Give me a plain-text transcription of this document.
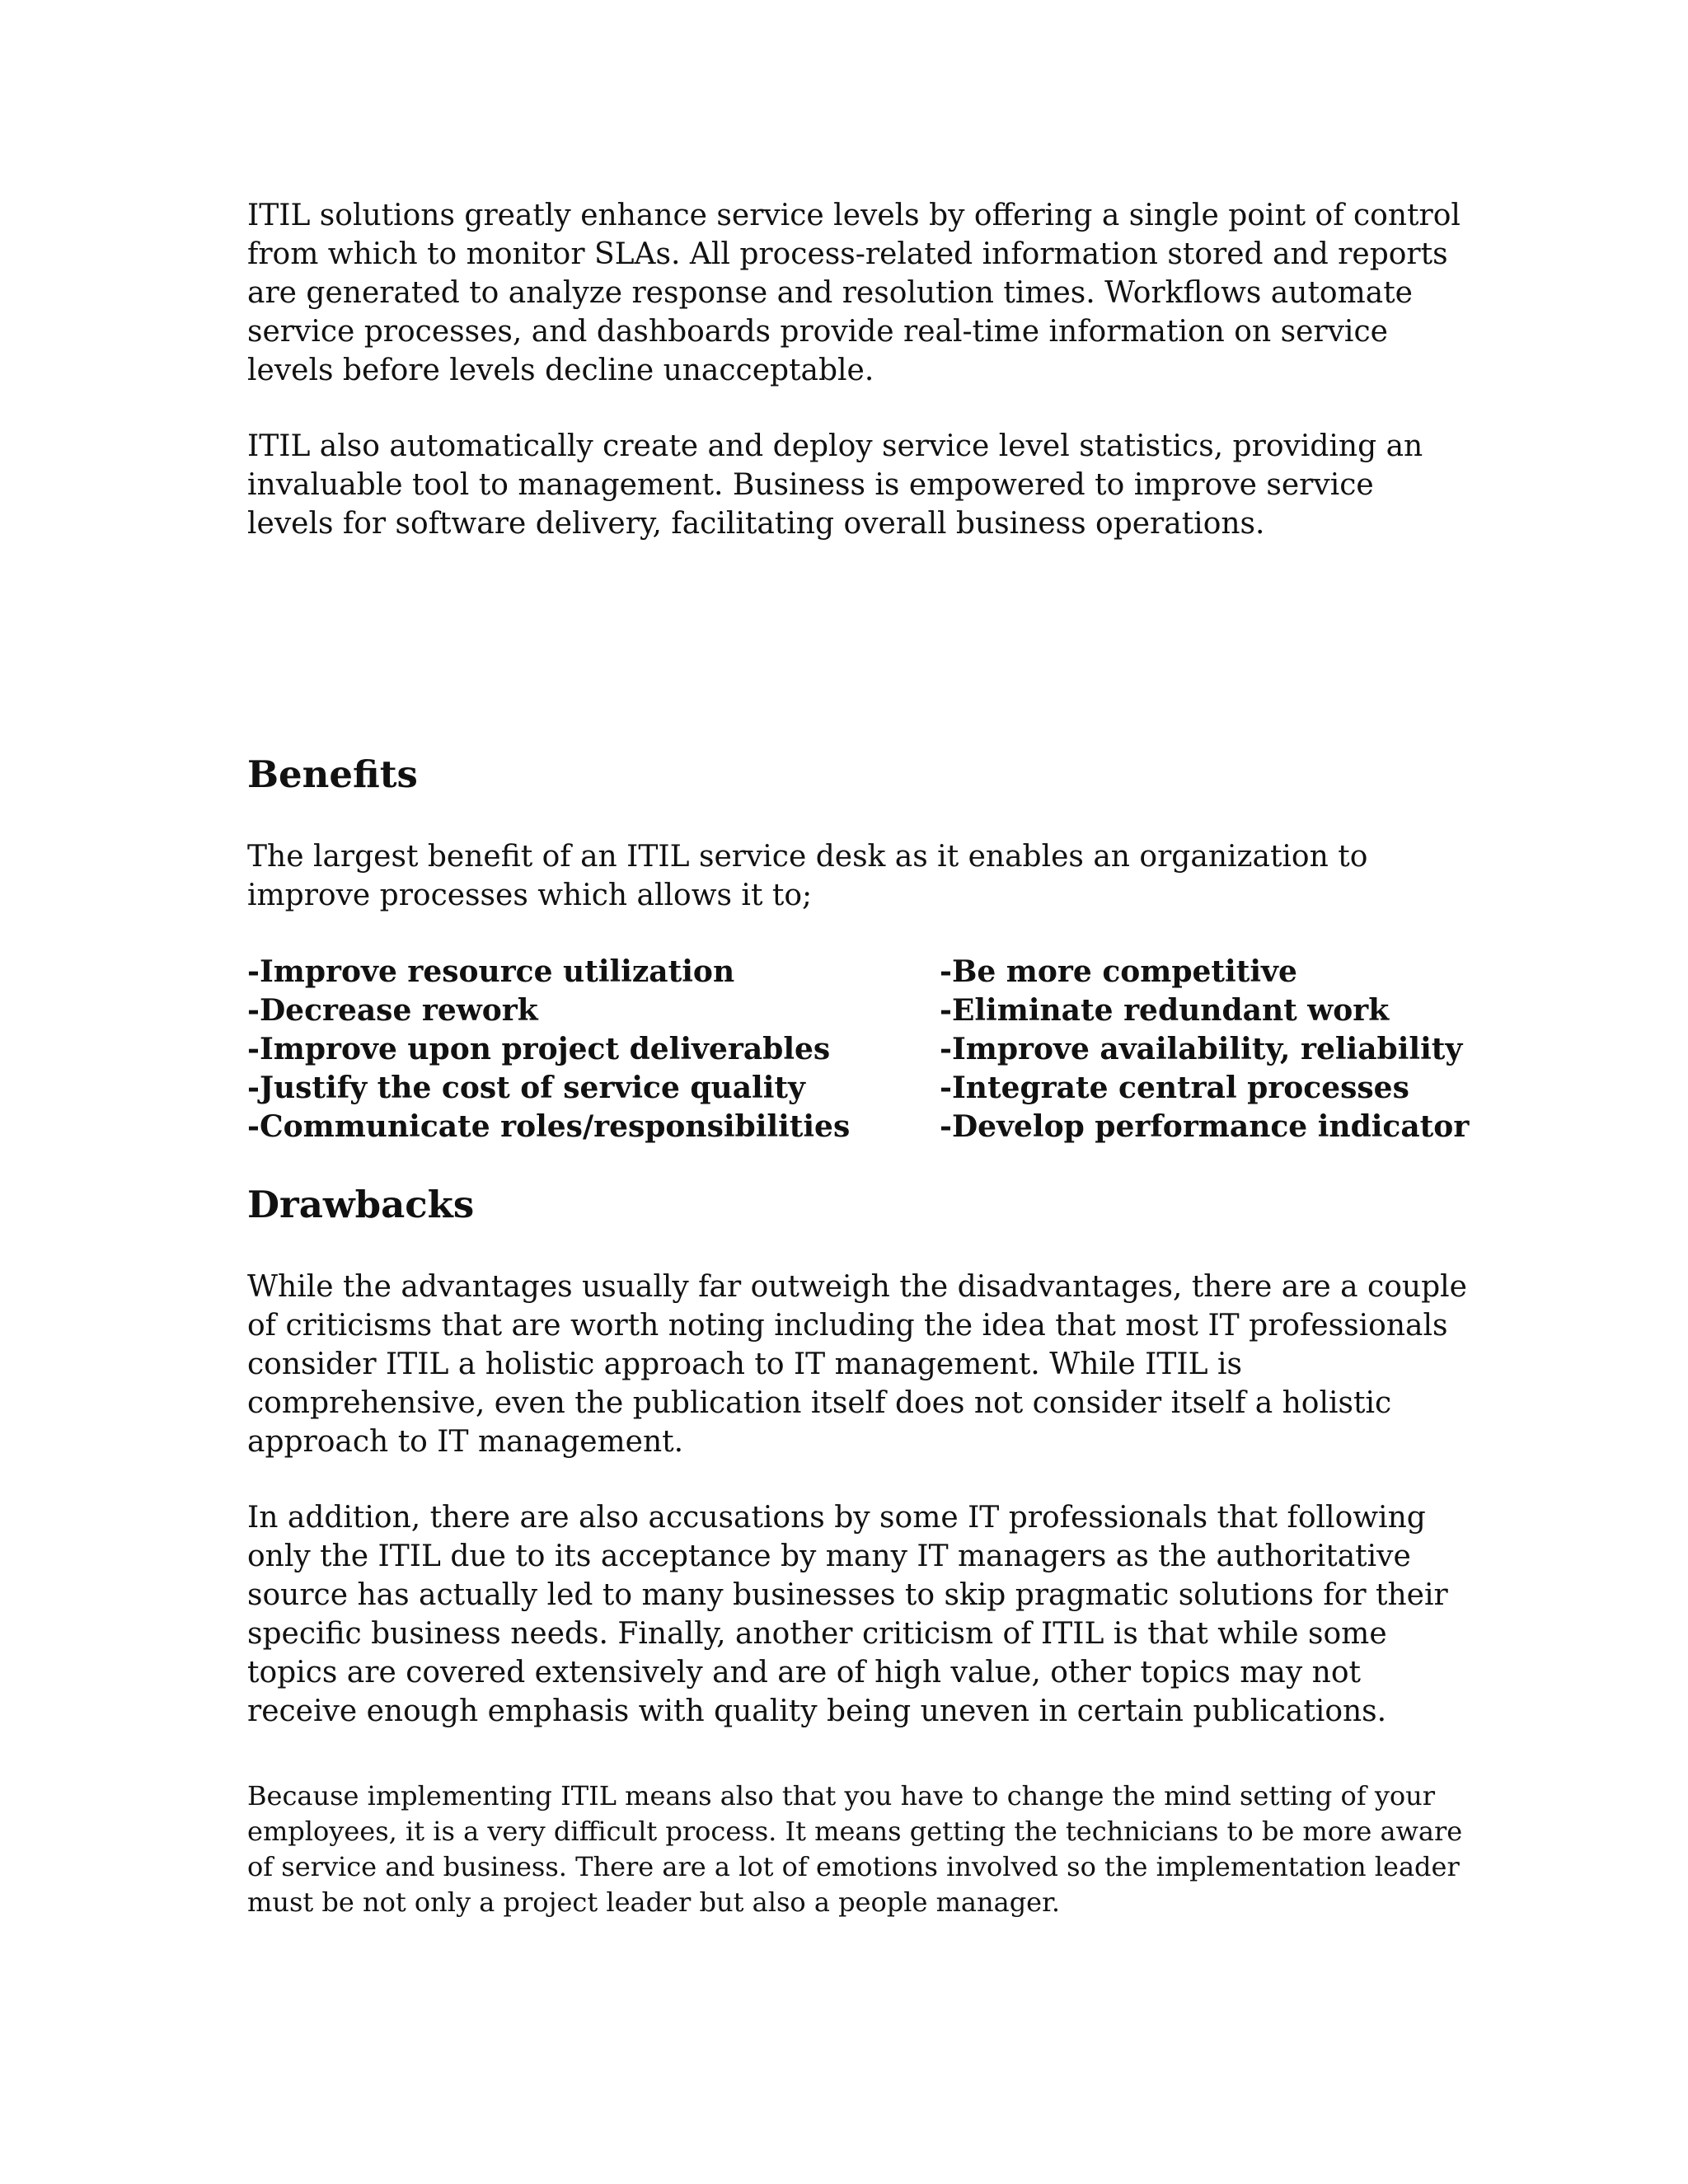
ITIL solutions greatly enhance service levels by offering a single point of control from which to monitor SLAs. All process-related information stored and reports are generated to analyze response and resolution times. Workflows automate service processes, and dashboards provide real-time information on service levels before levels decline unacceptable.

ITIL also automatically create and deploy service level statistics, providing an invaluable tool to management. Business is empowered to improve service levels for software delivery, facilitating overall business operations.

Benefits

The largest benefit of an ITIL service desk as it enables an organization to improve processes which allows it to;

-Improve resource utilization
-Decrease rework
-Improve upon project deliverables
-Justify the cost of service quality
-Communicate roles/responsibilities
-Be more competitive
-Eliminate redundant work
-Improve availability, reliability
-Integrate central processes
-Develop performance indicator
Drawbacks

While the advantages usually far outweigh the disadvantages, there are a couple of criticisms that are worth noting including the idea that most IT professionals consider ITIL a holistic approach to IT management. While ITIL is comprehensive, even the publication itself does not consider itself a holistic approach to IT management.

In addition, there are also accusations by some IT professionals that following only the ITIL due to its acceptance by many IT managers as the authoritative source has actually led to many businesses to skip pragmatic solutions for their specific business needs. Finally, another criticism of ITIL is that while some topics are covered extensively and are of high value, other topics may not receive enough emphasis with quality being uneven in certain publications.

Because implementing ITIL means also that you have to change the mind setting of your employees, it is a very difficult process. It means getting the technicians to be more aware of service and business. There are a lot of emotions involved so the implementation leader must be not only a project leader but also a people manager.
